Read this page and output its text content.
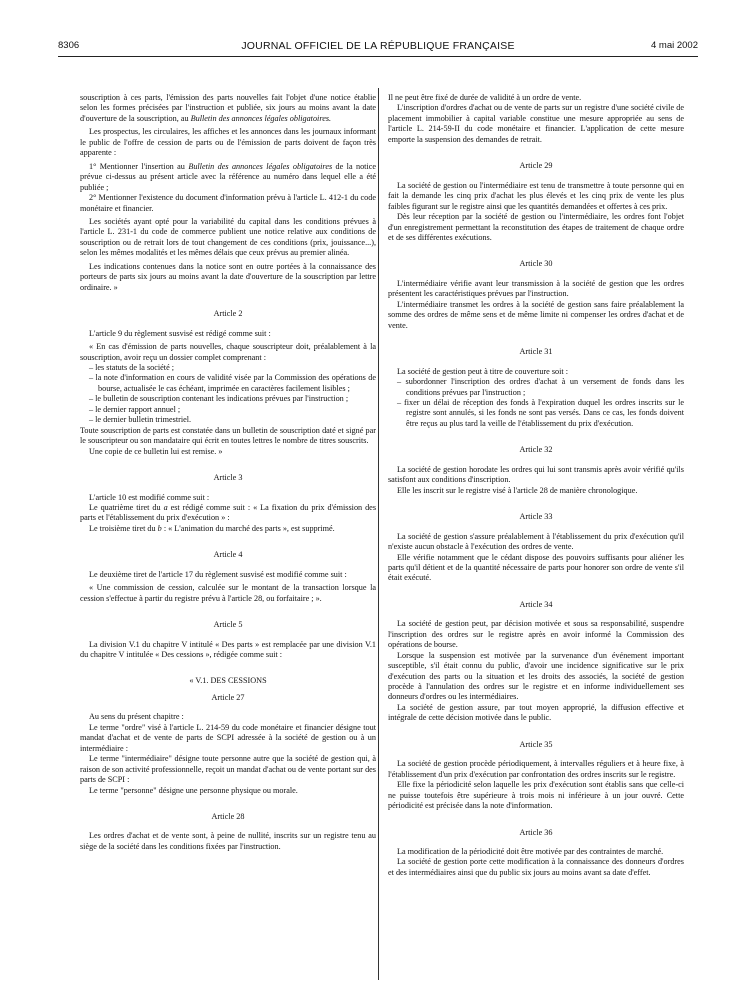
8306	JOURNAL OFFICIEL DE LA RÉPUBLIQUE FRANÇAISE	4 mai 2002

souscription à ces parts, l'émission des parts nouvelles fait l'objet d'une notice établie selon les formes précisées par l'instruction et publiée, six jours au moins avant la date d'ouverture de la souscription, au Bulletin des annonces légales obligatoires.

Les prospectus, les circulaires, les affiches et les annonces dans les journaux informant le public de l'offre de cession de parts ou de l'émission de parts doivent de façon très apparente :

1° Mentionner l'insertion au Bulletin des annonces légales obligatoires de la notice prévue ci-dessus au présent article avec la référence au numéro dans lequel elle a été publiée ;

2° Mentionner l'existence du document d'information prévu à l'article L. 412-1 du code monétaire et financier.

Les sociétés ayant opté pour la variabilité du capital dans les conditions prévues à l'article L. 231-1 du code de commerce publient une notice relative aux conditions de souscription ou de retrait lors de tout changement de ces conditions (prix, jouissance...), selon les mêmes modalités et les mêmes délais que ceux prévus au premier alinéa.

Les indications contenues dans la notice sont en outre portées à la connaissance des porteurs de parts six jours au moins avant la date d'ouverture de la souscription par lettre ordinaire. »

Article 2

L'article 9 du règlement susvisé est rédigé comme suit :

« En cas d'émission de parts nouvelles, chaque souscripteur doit, préalablement à la souscription, avoir reçu un dossier complet comprenant :

– les statuts de la société ;
– la note d'information en cours de validité visée par la Commission des opérations de bourse, actualisée le cas échéant, imprimée en caractères facilement lisibles ;
– le bulletin de souscription contenant les indications prévues par l'instruction ;
– le dernier rapport annuel ;
– le dernier bulletin trimestriel.

Toute souscription de parts est constatée dans un bulletin de souscription daté et signé par le souscripteur ou son mandataire qui écrit en toutes lettres le nombre de titres souscrits.

Une copie de ce bulletin lui est remise. »

Article 3

L'article 10 est modifié comme suit :

Le quatrième tiret du a est rédigé comme suit : « La fixation du prix d'émission des parts et l'établissement du prix d'exécution » :

Le troisième tiret du b : « L'animation du marché des parts », est supprimé.

Article 4

Le deuxième tiret de l'article 17 du règlement susvisé est modifié comme suit :

« Une commission de cession, calculée sur le montant de la transaction lorsque la cession s'effectue à partir du registre prévu à l'article 28, ou forfaitaire ; ».

Article 5

La division V.1 du chapitre V intitulé « Des parts » est remplacée par une division V.1 du chapitre V intitulée « Des cessions », rédigée comme suit :

« V.1. DES CESSIONS
Article 27

Au sens du présent chapitre :

Le terme "ordre" visé à l'article L. 214-59 du code monétaire et financier désigne tout mandat d'achat et de vente de parts de SCPI adressée à la société de gestion ou à un intermédiaire :

Le terme "intermédiaire" désigne toute personne autre que la société de gestion qui, à raison de son activité professionnelle, reçoit un mandat d'achat ou de vente portant sur des parts de SCPI :

Le terme "personne" désigne une personne physique ou morale.

Article 28

Les ordres d'achat et de vente sont, à peine de nullité, inscrits sur un registre tenu au siège de la société dans les conditions fixées par l'instruction.

Il ne peut être fixé de durée de validité à un ordre de vente.

L'inscription d'ordres d'achat ou de vente de parts sur un registre d'une société civile de placement immobilier à capital variable constitue une mesure appropriée au sens de l'article L. 214-59-II du code monétaire et financier. L'application de cette mesure emporte la suspension des demandes de retrait.

Article 29

La société de gestion ou l'intermédiaire est tenu de transmettre à toute personne qui en fait la demande les cinq prix d'achat les plus élevés et les cinq prix de vente les plus faibles figurant sur le registre ainsi que les quantités demandées et offertes à ces prix.

Dès leur réception par la société de gestion ou l'intermédiaire, les ordres font l'objet d'un enregistrement permettant la reconstitution des étapes de traitement de chaque ordre et de ses différentes exécutions.

Article 30

L'intermédiaire vérifie avant leur transmission à la société de gestion que les ordres présentent les caractéristiques prévues par l'instruction.

L'intermédiaire transmet les ordres à la société de gestion sans faire préalablement la somme des ordres de même sens et de même limite ni compenser les ordres d'achat et de vente.

Article 31

La société de gestion peut à titre de couverture soit :

– subordonner l'inscription des ordres d'achat à un versement de fonds dans les conditions prévues par l'instruction ;
– fixer un délai de réception des fonds à l'expiration duquel les ordres inscrits sur le registre sont annulés, si les fonds ne sont pas versés. Dans ce cas, les fonds doivent être reçus au plus tard la veille de l'établissement du prix d'exécution.
Article 32

La société de gestion horodate les ordres qui lui sont transmis après avoir vérifié qu'ils satisfont aux conditions d'inscription.

Elle les inscrit sur le registre visé à l'article 28 de manière chronologique.

Article 33

La société de gestion s'assure préalablement à l'établissement du prix d'exécution qu'il n'existe aucun obstacle à l'exécution des ordres de vente.

Elle vérifie notamment que le cédant dispose des pouvoirs suffisants pour aliéner les parts qu'il détient et de la quantité nécessaire de parts pour honorer son ordre de vente s'il était exécuté.

Article 34

La société de gestion peut, par décision motivée et sous sa responsabilité, suspendre l'inscription des ordres sur le registre après en avoir informé la Commission des opérations de bourse.

Lorsque la suspension est motivée par la survenance d'un événement important susceptible, s'il était connu du public, d'avoir une incidence significative sur le prix d'exécution des parts ou la situation et les droits des associés, la société de gestion procède à l'annulation des ordres sur le registre et en informe individuellement ses donneurs d'ordres ou les intermédiaires.

La société de gestion assure, par tout moyen approprié, la diffusion effective et intégrale de cette décision motivée dans le public.

Article 35

La société de gestion procède périodiquement, à intervalles réguliers et à heure fixe, à l'établissement d'un prix d'exécution par confrontation des ordres inscrits sur le registre.

Elle fixe la périodicité selon laquelle les prix d'exécution sont établis sans que celle-ci ne puisse toutefois être supérieure à trois mois ni inférieure à un jour ouvré. Cette périodicité est précisée dans la note d'information.

Article 36

La modification de la périodicité doit être motivée par des contraintes de marché.

La société de gestion porte cette modification à la connaissance des donneurs d'ordres et des intermédiaires ainsi que du public six jours au moins avant sa date d'effet.
